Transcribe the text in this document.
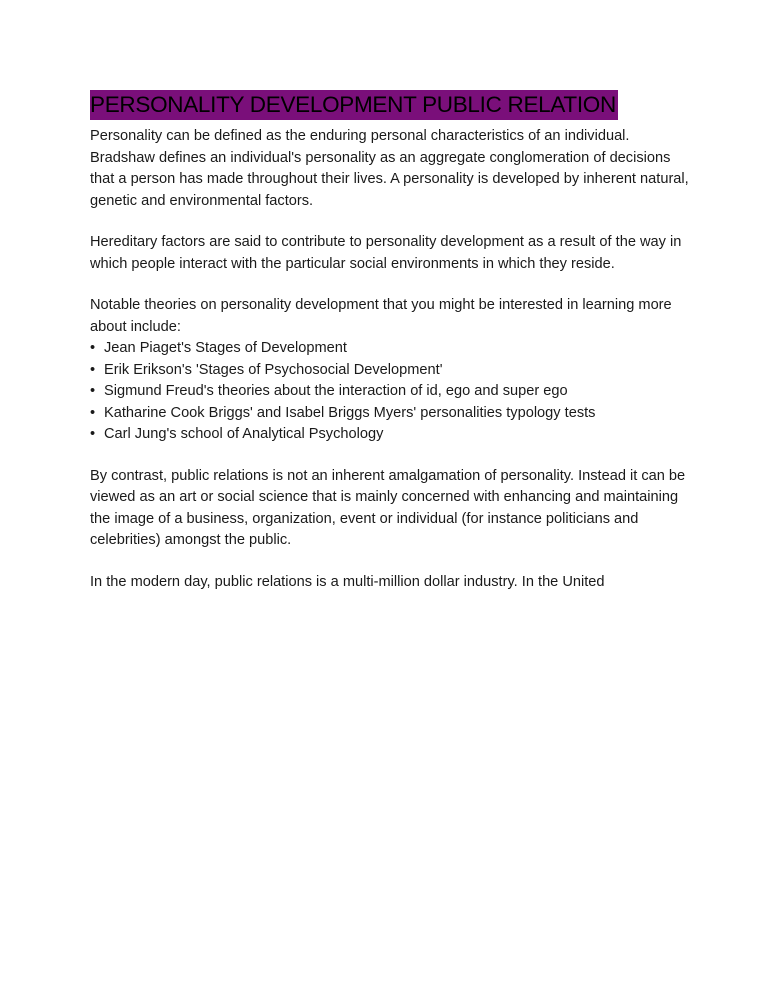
PERSONALITY DEVELOPMENT PUBLIC RELATION

Personality can be defined as the enduring personal characteristics of an individual. Bradshaw defines an individual's personality as an aggregate conglomeration of decisions that a person has made throughout their lives. A personality is developed by inherent natural, genetic and environmental factors.

Hereditary factors are said to contribute to personality development as a result of the way in which people interact with the particular social environments in which they reside.

Notable theories on personality development that you might be interested in learning more about include:

• Jean Piaget's Stages of Development
• Erik Erikson's 'Stages of Psychosocial Development'
• Sigmund Freud's theories about the interaction of id, ego and super ego
• Katharine Cook Briggs' and Isabel Briggs Myers' personalities typology tests
• Carl Jung's school of Analytical Psychology

By contrast, public relations is not an inherent amalgamation of personality. Instead it can be viewed as an art or social science that is mainly concerned with enhancing and maintaining the image of a business, organization, event or individual (for instance politicians and celebrities) amongst the public.

In the modern day, public relations is a multi-million dollar industry. In the United
